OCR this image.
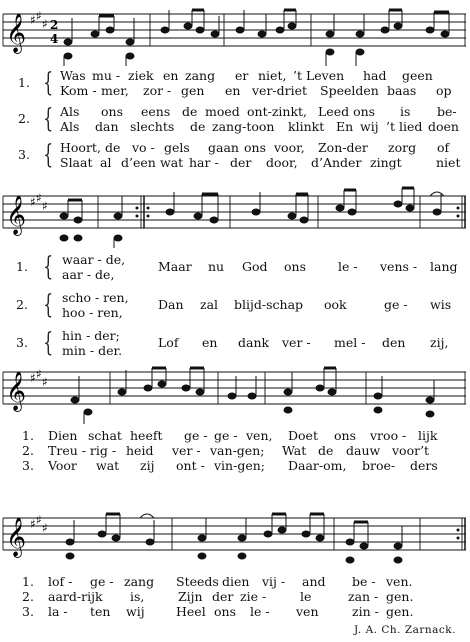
𝄞 ♯ ♯
♯ 2
4
1. Was mu - ziek en zang er niet, ’t Leven had geen
Kom - mer, zor - gen en ver-driet Speelden baas op
{
2. Als ons eens de moed ont-zinkt, Leed ons is be-
Als dan slechts de zang-toon klinkt En wij ’t lied doen
{
3. Hoort, de vo - gels gaan ons voor, Zon-der zorg of
Slaat al d’een wat har - der door, d’Ander zingt	niet
{
𝄞 ♯ ♯
♯
1.	waar - de,	Maar nu God ons	le - vens - lang
aar - de,
{
2.	scho - ren, Dan zal blijd-schap ook	ge - wis
hoo - ren,
{
3.	hin - der;	Lof en dank ver - mel - den zij,
min - der.
{
𝄞 ♯ ♯
♯
1. Dien schat heeft ge - ge - ven, Doet ons vroo - lijk
2. Treu - rig - heid ver - van-gen; Wat de dauw voor’t
3. Voor wat zij ont - vin-gen; Daar-om, broe- ders
𝄞 ♯ ♯
♯
1. lof - ge - zang Steeds dien vij - and be - ven.
2. aard-rijk is,	Zijn der zie -	le	zan - gen.
3. la - ten wij	Heel ons le - ven	zin - gen.
J. A. Ch. Zarnack.
